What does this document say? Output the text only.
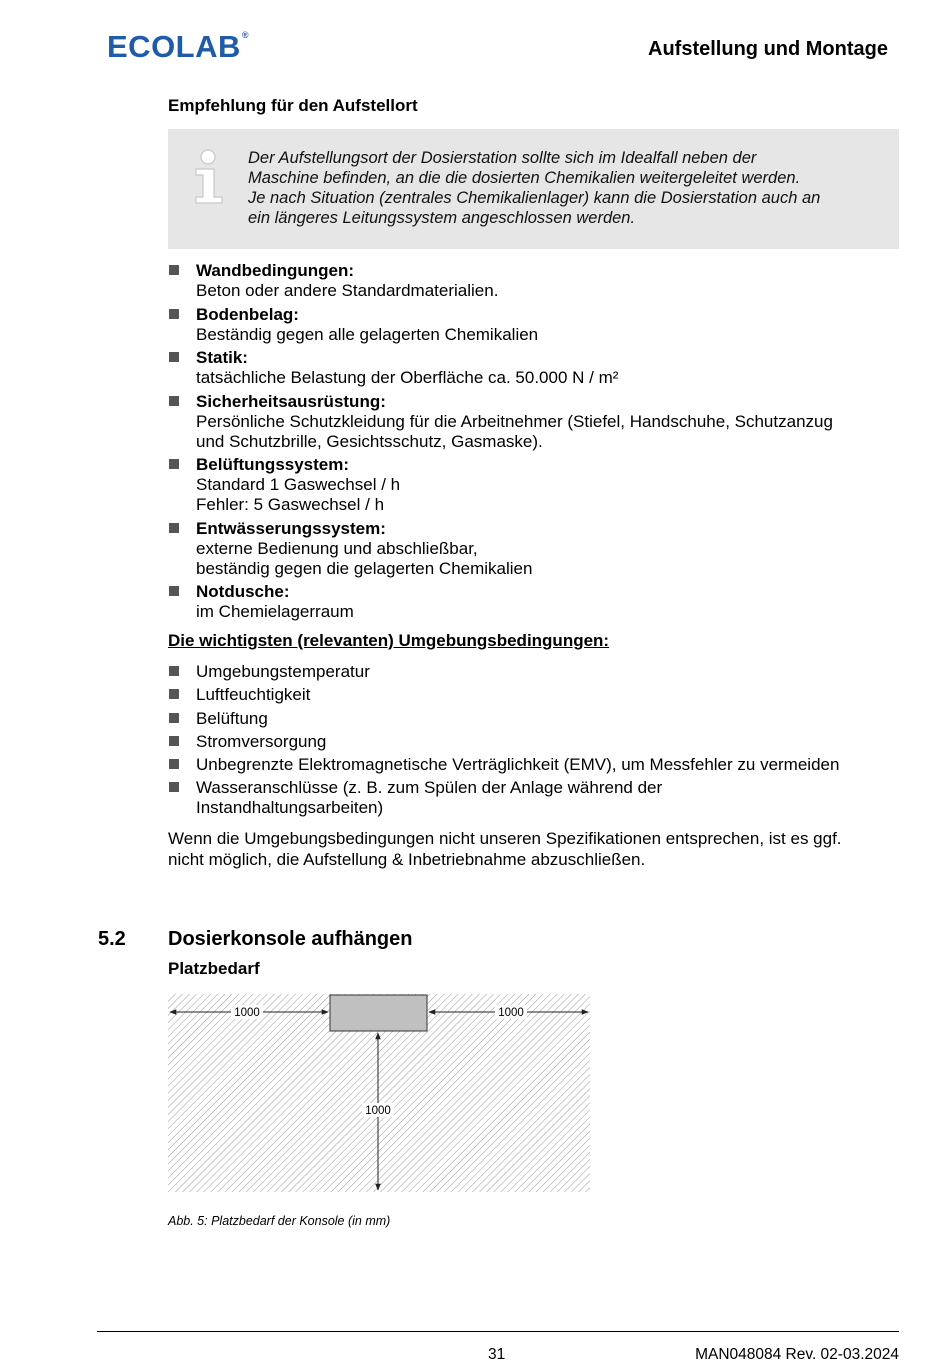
ECOLAB®
Aufstellung und Montage
Empfehlung für den Aufstellort
Der Aufstellungsort der Dosierstation sollte sich im Idealfall neben der
Maschine befinden, an die die dosierten Chemikalien weitergeleitet werden.
Je nach Situation (zentrales Chemikalienlager) kann die Dosierstation auch an
ein längeres Leitungssystem angeschlossen werden.
Wandbedingungen:
Beton oder andere Standardmaterialien.
Bodenbelag:
Beständig gegen alle gelagerten Chemikalien
Statik:
tatsächliche Belastung der Oberfläche ca. 50.000 N / m²
Sicherheitsausrüstung:
Persönliche Schutzkleidung für die Arbeitnehmer (Stiefel, Handschuhe, Schutzanzug
und Schutzbrille, Gesichtsschutz, Gasmaske).
Belüftungssystem:
Standard 1 Gaswechsel / h
Fehler: 5 Gaswechsel / h
Entwässerungssystem:
externe Bedienung und abschließbar,
beständig gegen die gelagerten Chemikalien
Notdusche:
im Chemielagerraum
Die wichtigsten (relevanten) Umgebungsbedingungen:
Umgebungstemperatur
Luftfeuchtigkeit
Belüftung
Stromversorgung
Unbegrenzte Elektromagnetische Verträglichkeit (EMV), um Messfehler zu vermeiden
Wasseranschlüsse (z. B. zum Spülen der Anlage während der
Instandhaltungsarbeiten)
Wenn die Umgebungsbedingungen nicht unseren Spezifikationen entsprechen, ist es ggf.
nicht möglich, die Aufstellung & Inbetriebnahme abzuschließen.
5.2 Dosierkonsole aufhängen
Platzbedarf
1000	1000
1000
Abb. 5: Platzbedarf der Konsole (in mm)
31	MAN048084 Rev. 02-03.2024
